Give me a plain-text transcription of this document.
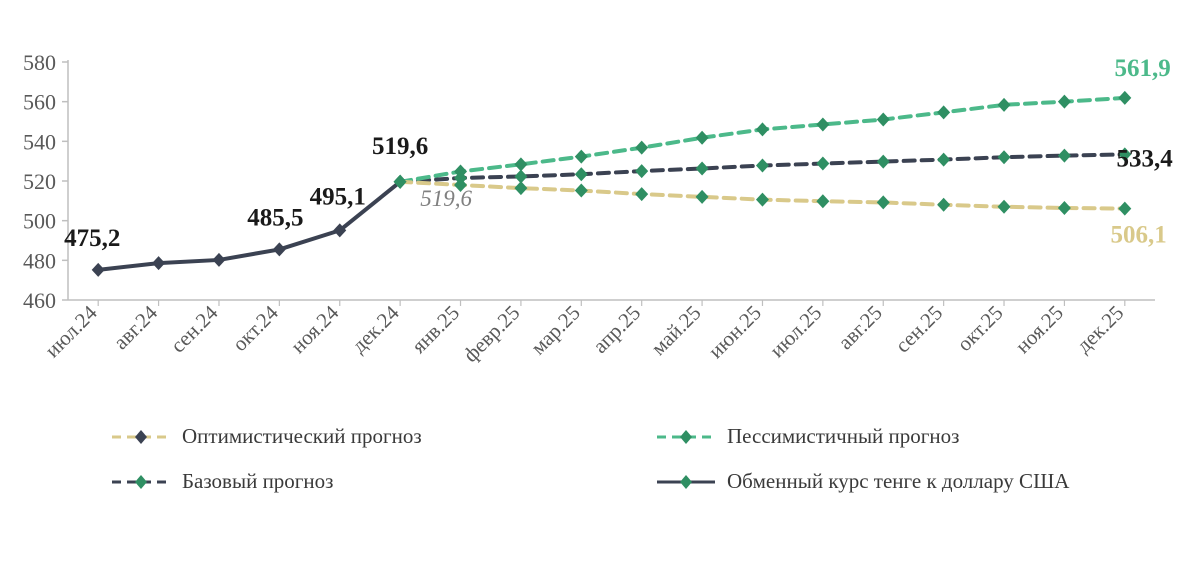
460
480
500
520
540
560
580
июл.24 авг.24 сен.24 окт.24 ноя.24 дек.24 янв.25
февр.25 мар.25 апр.25 май.25
июн.25
июл.25 авг.25 сен.25 окт.25 ноя.25 дек.25
475,2
485,5
495,1
519,6
519,6
561,9
533,4
506,1
Оптимистический прогноз	Пессимистичный прогноз
Базовый прогноз	Обменный курс тенге к доллару США
